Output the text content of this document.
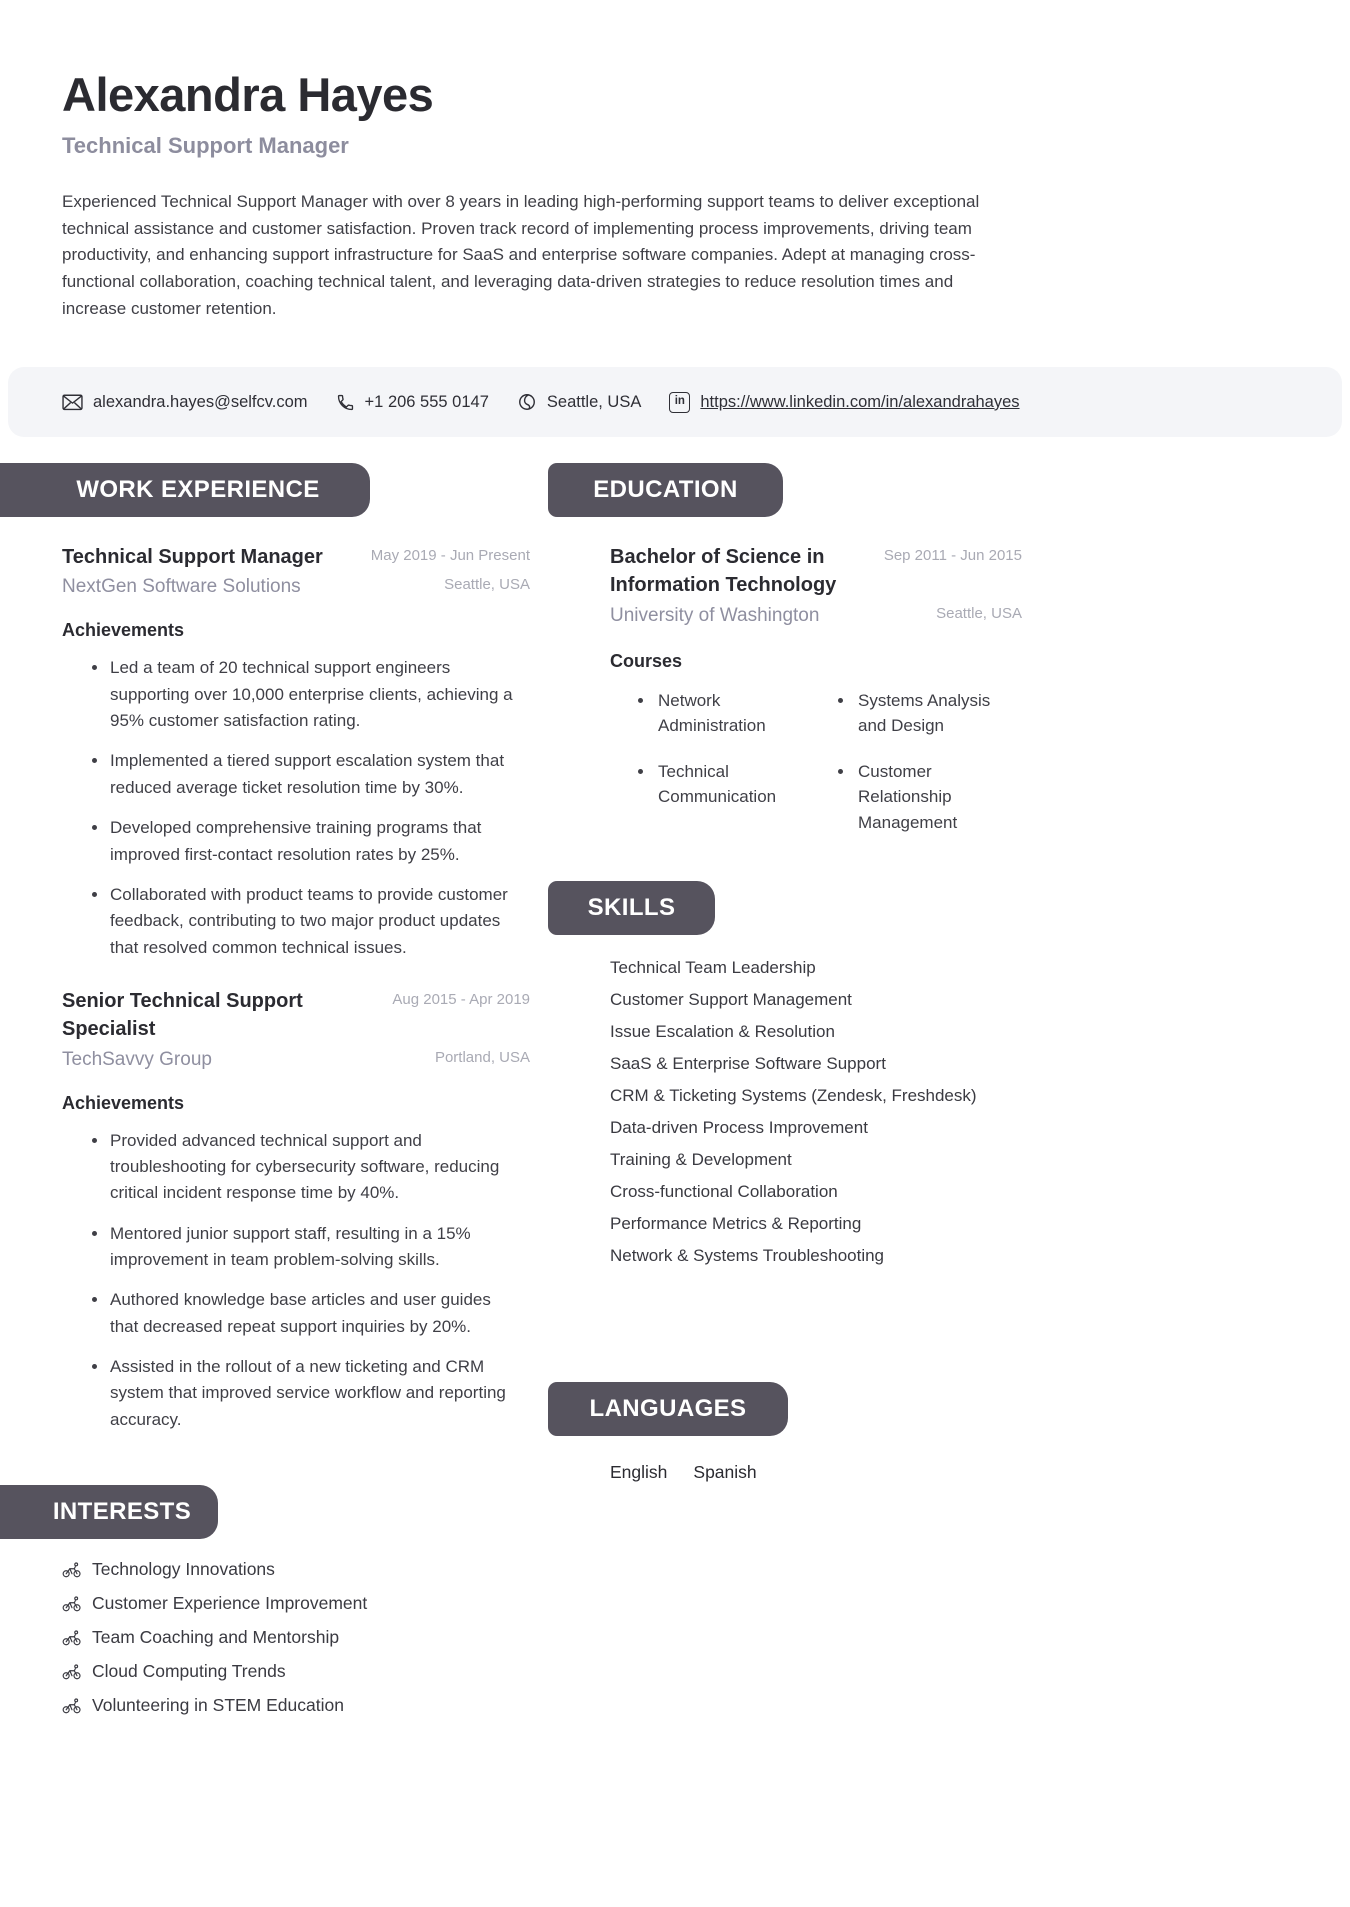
Alexandra Hayes
Technical Support Manager

Experienced Technical Support Manager with over 8 years in leading high-performing support teams to deliver exceptional technical assistance and customer satisfaction. Proven track record of implementing process improvements, driving team productivity, and enhancing support infrastructure for SaaS and enterprise software companies. Adept at managing cross-functional collaboration, coaching technical talent, and leveraging data-driven strategies to reduce resolution times and increase customer retention.

alexandra.hayes@selfcv.com	+1 206 555 0147	Seattle, USA	in https://www.linkedin.com/in/alexandrahayes
WORK EXPERIENCE
Technical Support Manager	May 2019 - Jun Present
NextGen Software Solutions	Seattle, USA
Achievements
Led a team of 20 technical support engineers supporting over 10,000 enterprise clients, achieving a 95% customer satisfaction rating.
Implemented a tiered support escalation system that reduced average ticket resolution time by 30%.
Developed comprehensive training programs that improved first-contact resolution rates by 25%.
Collaborated with product teams to provide customer feedback, contributing to two major product updates that resolved common technical issues.
Senior Technical Support Specialist
Aug 2015 - Apr 2019
TechSavvy Group	Portland, USA
Achievements
Provided advanced technical support and troubleshooting for cybersecurity software, reducing critical incident response time by 40%.
Mentored junior support staff, resulting in a 15% improvement in team problem-solving skills.
Authored knowledge base articles and user guides that decreased repeat support inquiries by 20%.
Assisted in the rollout of a new ticketing and CRM system that improved service workflow and reporting accuracy.
INTERESTS
Technology Innovations
Customer Experience Improvement
Team Coaching and Mentorship
Cloud Computing Trends
Volunteering in STEM Education
EDUCATION
Bachelor of Science in Information Technology
Sep 2011 - Jun 2015
University of Washington	Seattle, USA
Courses
Network Administration
Systems Analysis and Design
Technical Communication
Customer Relationship Management
SKILLS
Technical Team Leadership
Customer Support Management
Issue Escalation & Resolution
SaaS & Enterprise Software Support
CRM & Ticketing Systems (Zendesk, Freshdesk)
Data-driven Process Improvement
Training & Development
Cross-functional Collaboration
Performance Metrics & Reporting
Network & Systems Troubleshooting
LANGUAGES
English Spanish
